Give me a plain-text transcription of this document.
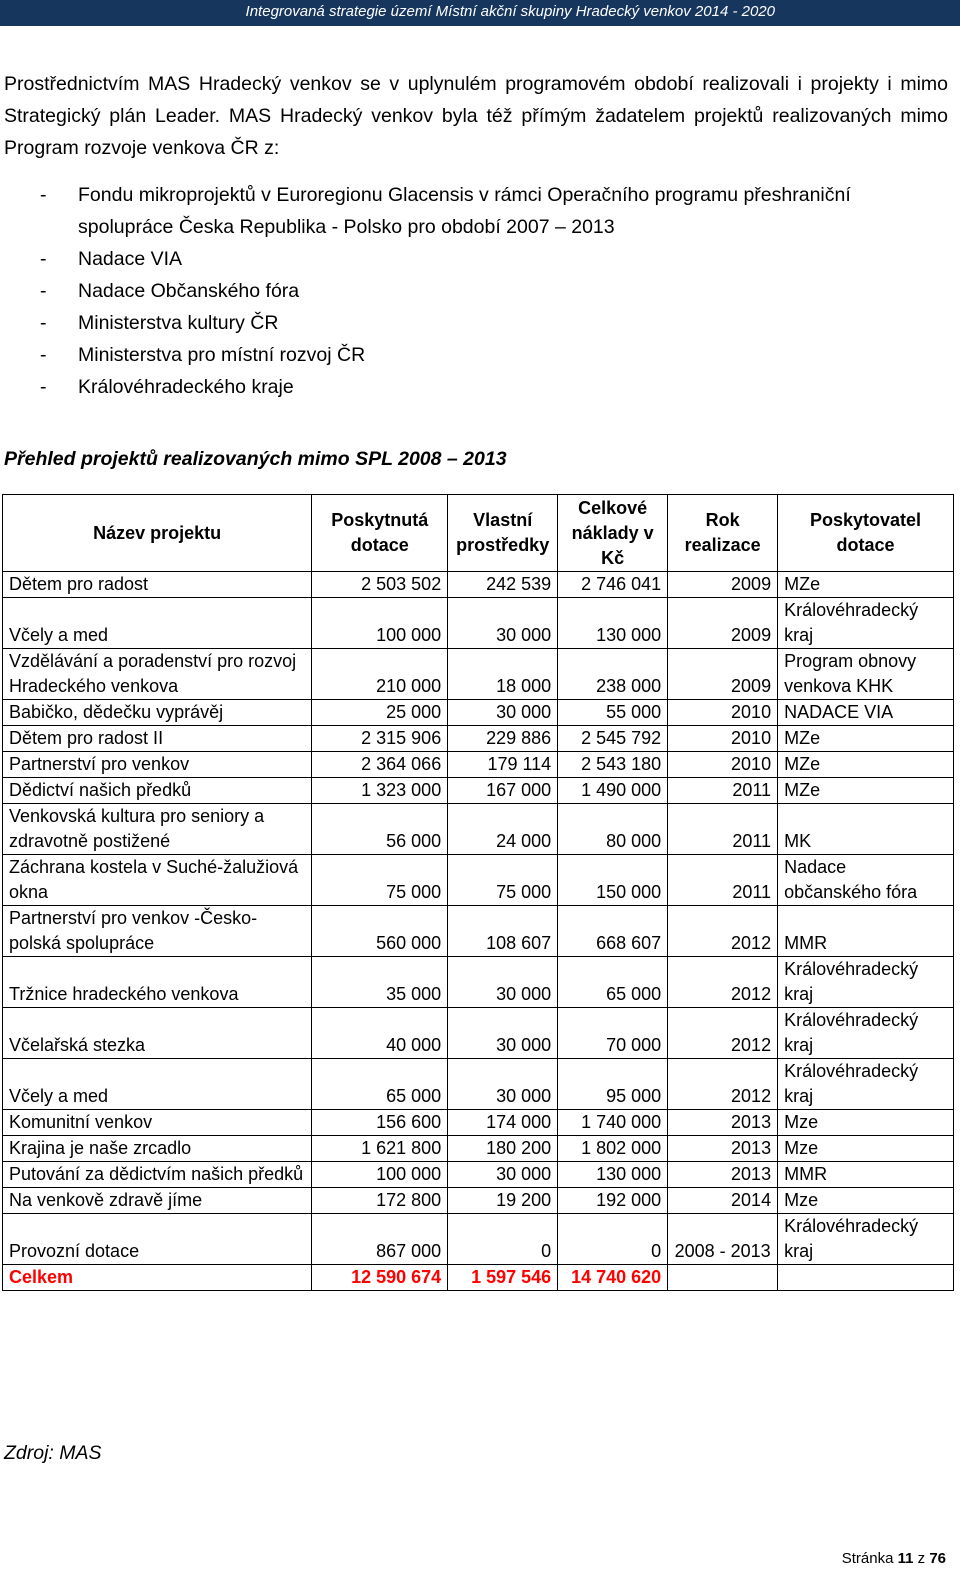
Integrovaná strategie území Místní akční skupiny Hradecký venkov 2014 - 2020
Prostřednictvím MAS Hradecký venkov se v uplynulém programovém období realizovali i projekty i mimo Strategický plán Leader. MAS Hradecký venkov byla též přímým žadatelem projektů realizovaných mimo Program rozvoje venkova ČR z:
- Fondu mikroprojektů v Euroregionu Glacensis v rámci Operačního programu přeshraniční spolupráce Česka Republika - Polsko pro období 2007 – 2013
- Nadace VIA
- Nadace Občanského fóra
- Ministerstva kultury ČR
- Ministerstva pro místní rozvoj ČR
- Královéhradeckého kraje
Přehled projektů realizovaných mimo SPL 2008 – 2013
Název projektu	Poskytnutá dotace	Vlastní prostředky	Celkové náklady v Kč	Rok realizace	Poskytovatel dotace
Dětem pro radost	2 503 502	242 539	2 746 041	2009	MZe
Včely a med	100 000	30 000	130 000	2009	Královéhradecký kraj
Vzdělávání a poradenství pro rozvoj Hradeckého venkova	210 000	18 000	238 000	2009	Program obnovy venkova KHK
Babičko, dědečku vyprávěj	25 000	30 000	55 000	2010	NADACE VIA
Dětem pro radost II	2 315 906	229 886	2 545 792	2010	MZe
Partnerství pro venkov	2 364 066	179 114	2 543 180	2010	MZe
Dědictví našich předků	1 323 000	167 000	1 490 000	2011	MZe
Venkovská kultura pro seniory a zdravotně postižené	56 000	24 000	80 000	2011	MK
Záchrana kostela v Suché-žalužiová okna	75 000	75 000	150 000	2011	Nadace občanského fóra
Partnerství pro venkov -Česko-polská spolupráce	560 000	108 607	668 607	2012	MMR
Tržnice hradeckého venkova	35 000	30 000	65 000	2012	Královéhradecký kraj
Včelařská stezka	40 000	30 000	70 000	2012	Královéhradecký kraj
Včely a med	65 000	30 000	95 000	2012	Královéhradecký kraj
Komunitní venkov	156 600	174 000	1 740 000	2013	Mze
Krajina je naše zrcadlo	1 621 800	180 200	1 802 000	2013	Mze
Putování za dědictvím našich předků	100 000	30 000	130 000	2013	MMR
Na venkově zdravě jíme	172 800	19 200	192 000	2014	Mze
Provozní dotace	867 000	0	0	2008 - 2013	Královéhradecký kraj
Celkem	12 590 674	1 597 546	14 740 620		
Zdroj: MAS
Stránka 11 z 76
